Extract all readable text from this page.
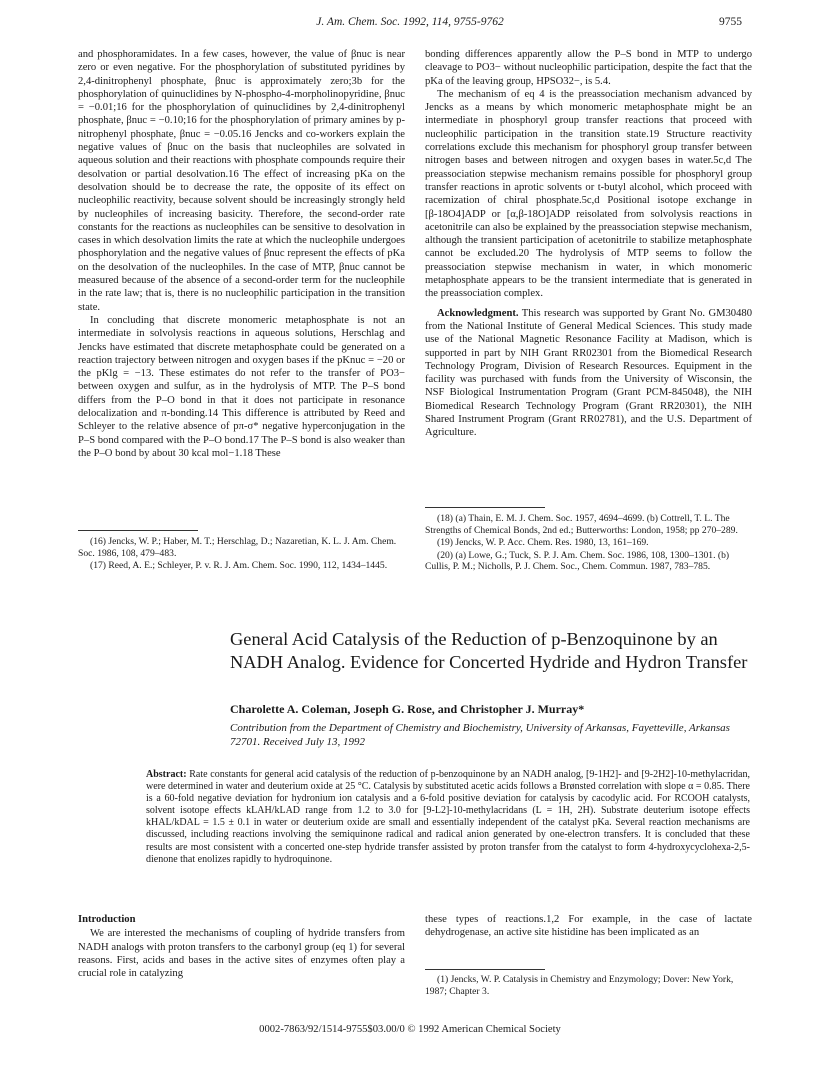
J. Am. Chem. Soc. 1992, 114, 9755-9762	9755

and phosphoramidates. In a few cases, however, the value of βnuc is near zero or even negative. For the phosphorylation of substituted pyridines by 2,4-dinitrophenyl phosphate, βnuc is approximately zero;3b for the phosphorylation of quinuclidines by N-phospho-4-morpholinopyridine, βnuc = −0.01;16 for the phosphorylation of quinuclidines by 2,4-dinitrophenyl phosphate, βnuc = −0.10;16 for the phosphorylation of primary amines by p-nitrophenyl phosphate, βnuc = −0.05.16 Jencks and co-workers explain the negative values of βnuc on the basis that nucleophiles are solvated in aqueous solution and their reactions with phosphate compounds require their desolvation or partial desolvation.16 The effect of increasing pKa on the desolvation should be to decrease the rate, the opposite of its effect on nucleophilic reactivity, because solvent should be increasingly strongly held by nucleophiles of increasing basicity. Therefore, the second-order rate constants for the reactions as nucleophiles can be sensitive to desolvation in cases in which desolvation limits the rate at which the nucleophile undergoes phosphorylation and the negative values of βnuc represent the effects of pKa on the desolvation of the nucleophiles. In the case of MTP, βnuc cannot be measured because of the absence of a second-order term for the nucleophile in the rate law; that is, there is no nucleophilic participation in the transition state.

In concluding that discrete monomeric metaphosphate is not an intermediate in solvolysis reactions in aqueous solutions, Herschlag and Jencks have estimated that discrete metaphosphate could be generated on a reaction trajectory between nitrogen and oxygen bases if the pKnuc = −20 or the pKlg = −13. These estimates do not refer to the transfer of PO3− between oxygen and sulfur, as in the hydrolysis of MTP. The P–S bond differs from the P–O bond in that it does not participate in resonance delocalization and π-bonding.14 This difference is attributed by Reed and Schleyer to the relative absence of pπ-σ* negative hyperconjugation in the P–S bond compared with the P–O bond.17 The P–S bond is also weaker than the P–O bond by about 30 kcal mol−1.18 These

bonding differences apparently allow the P–S bond in MTP to undergo cleavage to PO3− without nucleophilic participation, despite the fact that the pKa of the leaving group, HPSO32−, is 5.4.

The mechanism of eq 4 is the preassociation mechanism advanced by Jencks as a means by which monomeric metaphosphate might be an intermediate in phosphoryl group transfer reactions that proceed with nucleophilic participation in the transition state.19 Structure reactivity correlations exclude this mechanism for phosphoryl group transfer between nitrogen bases and between nitrogen and oxygen bases in water.5c,d The preassociation stepwise mechanism remains possible for phosphoryl group transfer reactions in aprotic solvents or t-butyl alcohol, which proceed with racemization of chiral phosphate.5c,d Positional isotope exchange in [β-18O4]ADP or [α,β-18O]ADP reisolated from solvolysis reactions in acetonitrile can also be explained by the preassociation stepwise mechanism, although the transient participation of acetonitrile to stabilize metaphosphate cannot be excluded.20 The hydrolysis of MTP seems to follow the preassociation stepwise mechanism in water, in which monomeric metaphosphate appears to be the transient intermediate that is generated in the preassociation complex.

Acknowledgment. This research was supported by Grant No. GM30480 from the National Institute of General Medical Sciences. This study made use of the National Magnetic Resonance Facility at Madison, which is supported in part by NIH Grant RR02301 from the Biomedical Research Technology Program, Division of Research Resources. Equipment in the facility was purchased with funds from the University of Wisconsin, the NSF Biological Instrumentation Program (Grant PCM-845048), the NIH Biomedical Research Technology Program (Grant RR20301), the NIH Shared Instrument Program (Grant RR02781), and the U.S. Department of Agriculture.

(16) Jencks, W. P.; Haber, M. T.; Herschlag, D.; Nazaretian, K. L. J. Am. Chem. Soc. 1986, 108, 479–483.
(17) Reed, A. E.; Schleyer, P. v. R. J. Am. Chem. Soc. 1990, 112, 1434–1445.
(18) (a) Thain, E. M. J. Chem. Soc. 1957, 4694–4699. (b) Cottrell, T. L. The Strengths of Chemical Bonds, 2nd ed.; Butterworths: London, 1958; pp 270–289.
(19) Jencks, W. P. Acc. Chem. Res. 1980, 13, 161–169.
(20) (a) Lowe, G.; Tuck, S. P. J. Am. Chem. Soc. 1986, 108, 1300–1301. (b) Cullis, P. M.; Nicholls, P. J. Chem. Soc., Chem. Commun. 1987, 783–785.
General Acid Catalysis of the Reduction of p-Benzoquinone by an NADH Analog. Evidence for Concerted Hydride and Hydron Transfer
Charolette A. Coleman, Joseph G. Rose, and Christopher J. Murray*
Contribution from the Department of Chemistry and Biochemistry, University of Arkansas, Fayetteville, Arkansas 72701. Received July 13, 1992
Abstract: Rate constants for general acid catalysis of the reduction of p-benzoquinone by an NADH analog, [9-1H2]- and [9-2H2]-10-methylacridan, were determined in water and deuterium oxide at 25 °C. Catalysis by substituted acetic acids follows a Brønsted correlation with slope α = 0.85. There is a 60-fold negative deviation for hydronium ion catalysis and a 6-fold positive deviation for catalysis by cacodylic acid. For RCOOH catalysts, solvent isotope effects kLAH/kLAD range from 1.2 to 3.0 for [9-L2]-10-methylacridans (L = 1H, 2H). Substrate deuterium isotope effects kHAL/kDAL = 1.5 ± 0.1 in water or deuterium oxide are small and essentially independent of the catalyst pKa. Several reaction mechanisms are discussed, including reactions involving the semiquinone radical and radical anion generated by one-electron transfers. It is concluded that these results are most consistent with a concerted one-step hydride transfer assisted by proton transfer from the catalyst to form 4-hydroxycyclohexa-2,5-dienone that enolizes rapidly to hydroquinone.
Introduction

We are interested the mechanisms of coupling of hydride transfers from NADH analogs with proton transfers to the carbonyl group (eq 1) for several reasons. First, acids and bases in the active sites of enzymes often play a crucial role in catalyzing

these types of reactions.1,2 For example, in the case of lactate dehydrogenase, an active site histidine has been implicated as an

(1) Jencks, W. P. Catalysis in Chemistry and Enzymology; Dover: New York, 1987; Chapter 3.
0002-7863/92/1514-9755$03.00/0 © 1992 American Chemical Society
